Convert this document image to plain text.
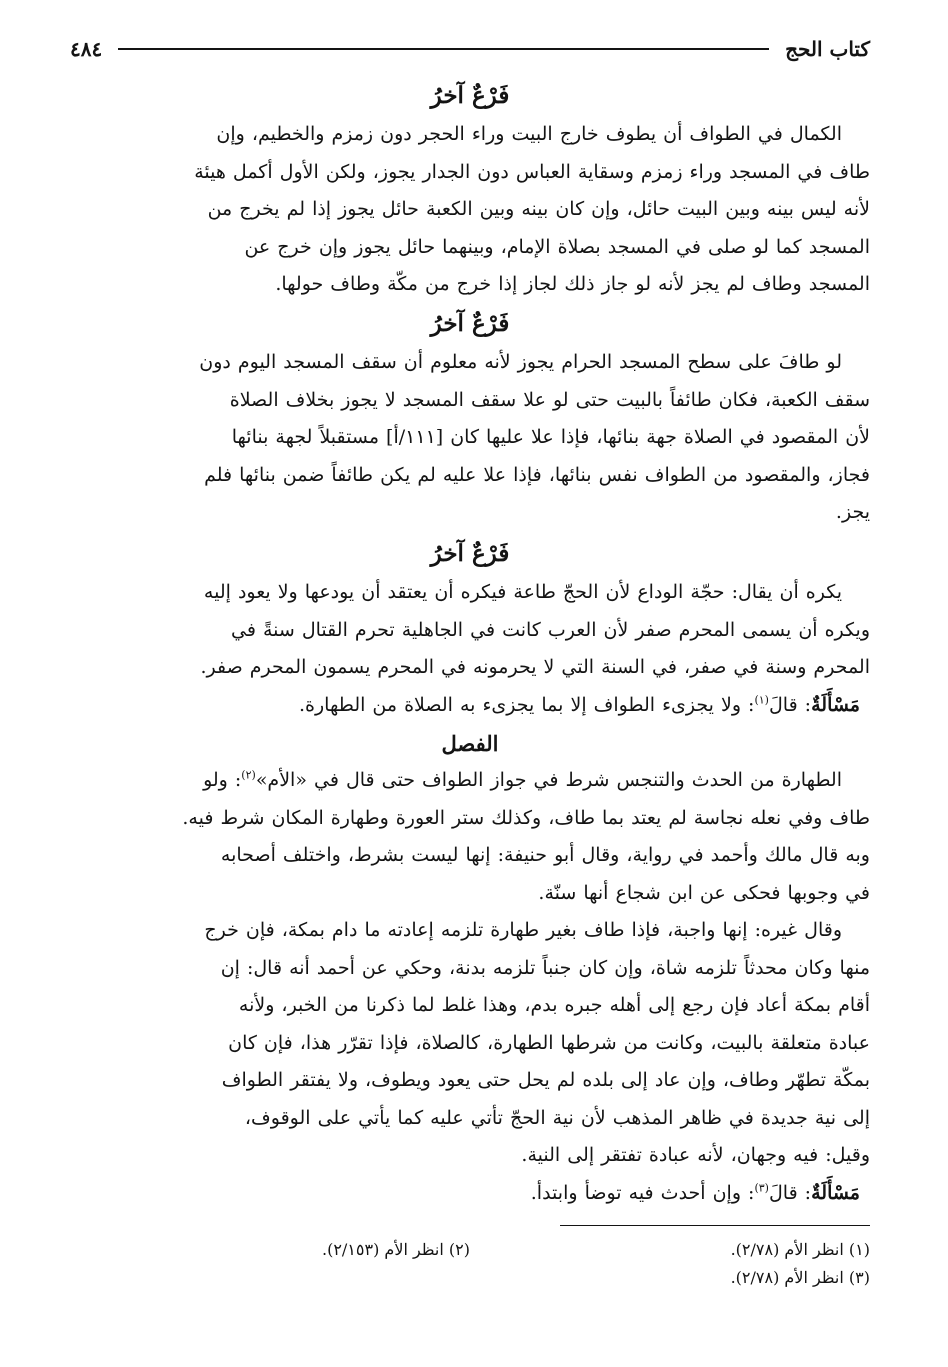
كتاب الحج
٤٨٤
فَرْعٌ آخرُ

الكمال في الطواف أن يطوف خارج البيت وراء الحجر دون زمزم والخطيم، وإن

طاف في المسجد وراء زمزم وسقاية العباس دون الجدار يجوز، ولكن الأول أكمل هيئة

لأنه ليس بينه وبين البيت حائل، وإن كان بينه وبين الكعبة حائل يجوز إذا لم يخرج من

المسجد كما لو صلى في المسجد بصلاة الإمام، وبينهما حائل يجوز وإن خرج عن

المسجد وطاف لم يجز لأنه لو جاز ذلك لجاز إذا خرج من مكّة وطاف حولها.

فَرْعٌ آخرُ

لو طافَ على سطح المسجد الحرام يجوز لأنه معلوم أن سقف المسجد اليوم دون

سقف الكعبة، فكان طائفاً بالبيت حتى لو علا سقف المسجد لا يجوز بخلاف الصلاة

لأن المقصود في الصلاة جهة بنائها، فإذا علا عليها كان [١١١/أ] مستقبلاً لجهة بنائها

فجاز، والمقصود من الطواف نفس بنائها، فإذا علا عليه لم يكن طائفاً ضمن بنائها فلم

يجز.

فَرْعٌ آخرُ

يكره أن يقال: حجّة الوداع لأن الحجّ طاعة فيكره أن يعتقد أن يودعها ولا يعود إليه

ويكره أن يسمى المحرم صفر لأن العرب كانت في الجاهلية تحرم القتال سنةً في

المحرم وسنة في صفر، في السنة التي لا يحرمونه في المحرم يسمون المحرم صفر.

مَسْأَلَةٌ: قالَ$^{(١)}$: ولا يجزىء الطواف إلا بما يجزىء به الصلاة من الطهارة.

الفصل

الطهارة من الحدث والتنجس شرط في جواز الطواف حتى قال في «الأم»$^{(٢)}$: ولو

طاف وفي نعله نجاسة لم يعتد بما طاف، وكذلك ستر العورة وطهارة المكان شرط فيه.

وبه قال مالك وأحمد في رواية، وقال أبو حنيفة: إنها ليست بشرط، واختلف أصحابه

في وجوبها فحكى عن ابن شجاع أنها سنّة.

وقال غيره: إنها واجبة، فإذا طاف بغير طهارة تلزمه إعادته ما دام بمكة، فإن خرج

منها وكان محدثاً تلزمه شاة، وإن كان جنباً تلزمه بدنة، وحكي عن أحمد أنه قال: إن

أقام بمكة أعاد فإن رجع إلى أهله جبره بدم، وهذا غلط لما ذكرنا من الخبر، ولأنه

عبادة متعلقة بالبيت، وكانت من شرطها الطهارة، كالصلاة، فإذا تقرّر هذا، فإن كان

بمكّة تطهّر وطاف، وإن عاد إلى بلده لم يحل حتى يعود ويطوف، ولا يفتقر الطواف

إلى نية جديدة في ظاهر المذهب لأن نية الحجّ تأتي عليه كما يأتي على الوقوف،

وقيل: فيه وجهان، لأنه عبادة تفتقر إلى النية.

مَسْأَلَةٌ: قالَ$^{(٣)}$: وإن أحدث فيه توضأ وابتدأ.

(١) انظر الأم (٢/٧٨).
(٢) انظر الأم (٢/١٥٣).
(٣) انظر الأم (٢/٧٨).
